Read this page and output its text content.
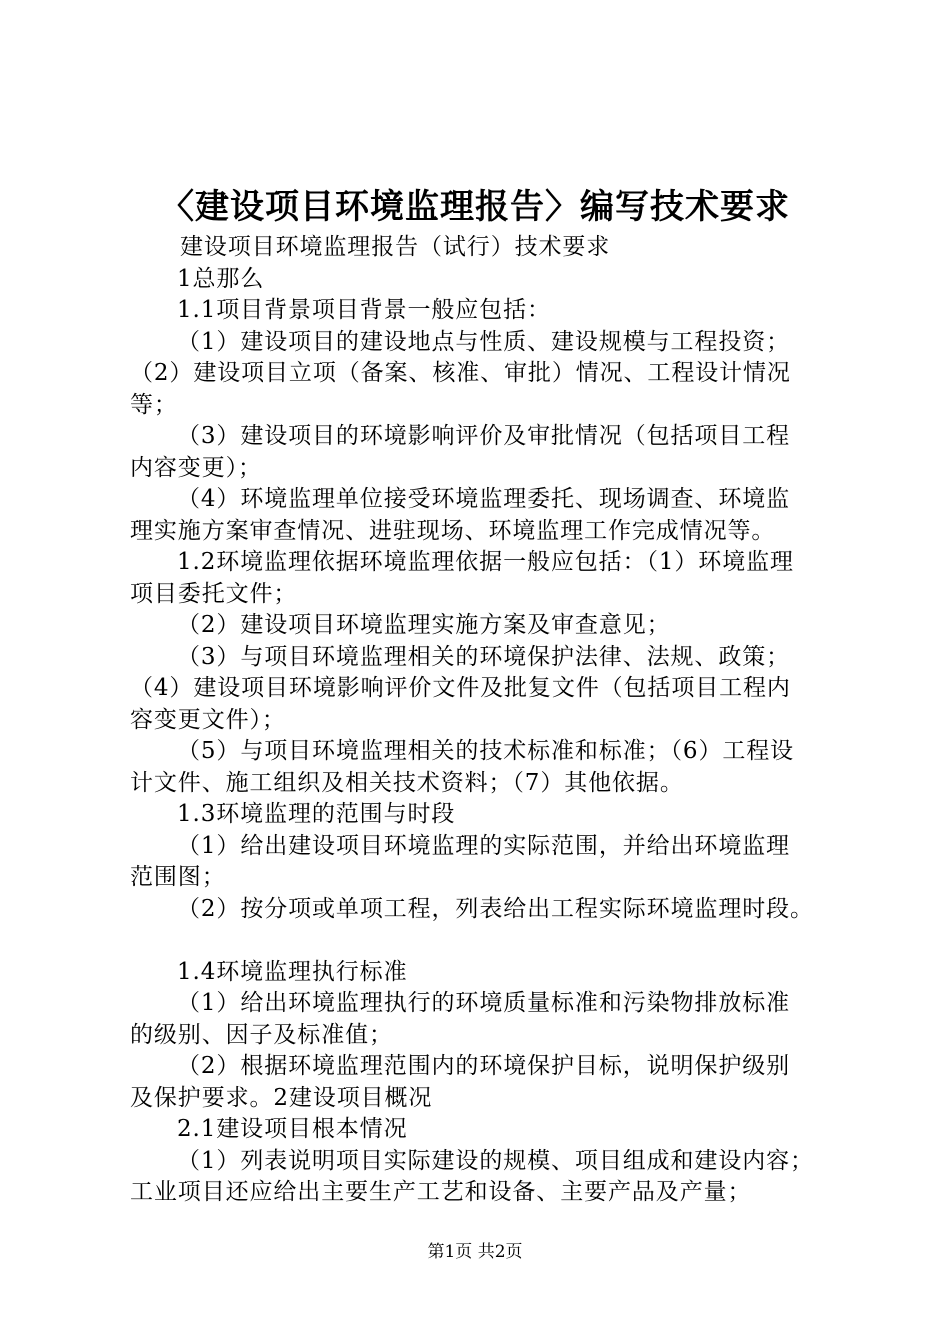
〈建设项目环境监理报告〉编写技术要求
建设项目环境监理报告（试行）技术要求
1总那么
1.1项目背景项目背景一般应包括：
（1）建设项目的建设地点与性质、建设规模与工程投资；
（2）建设项目立项（备案、核准、审批）情况、工程设计情况
等；
（3）建设项目的环境影响评价及审批情况（包括项目工程
内容变更）；
（4）环境监理单位接受环境监理委托、现场调查、环境监
理实施方案审查情况、进驻现场、环境监理工作完成情况等。
1.2环境监理依据环境监理依据一般应包括：（1）环境监理
项目委托文件；
（2）建设项目环境监理实施方案及审查意见；
（3）与项目环境监理相关的环境保护法律、法规、政策；
（4）建设项目环境影响评价文件及批复文件（包括项目工程内
容变更文件）；
（5）与项目环境监理相关的技术标准和标准；（6）工程设
计文件、施工组织及相关技术资料；（7）其他依据。
1.3环境监理的范围与时段
（1）给出建设项目环境监理的实际范围，并给出环境监理
范围图；
（2）按分项或单项工程，列表给出工程实际环境监理时段。
1.4环境监理执行标准
（1）给出环境监理执行的环境质量标准和污染物排放标准
的级别、因子及标准值；
（2）根据环境监理范围内的环境保护目标，说明保护级别
及保护要求。2建设项目概况
2.1建设项目根本情况
（1）列表说明项目实际建设的规模、项目组成和建设内容；
工业项目还应给出主要生产工艺和设备、主要产品及产量；
第1页 共2页
